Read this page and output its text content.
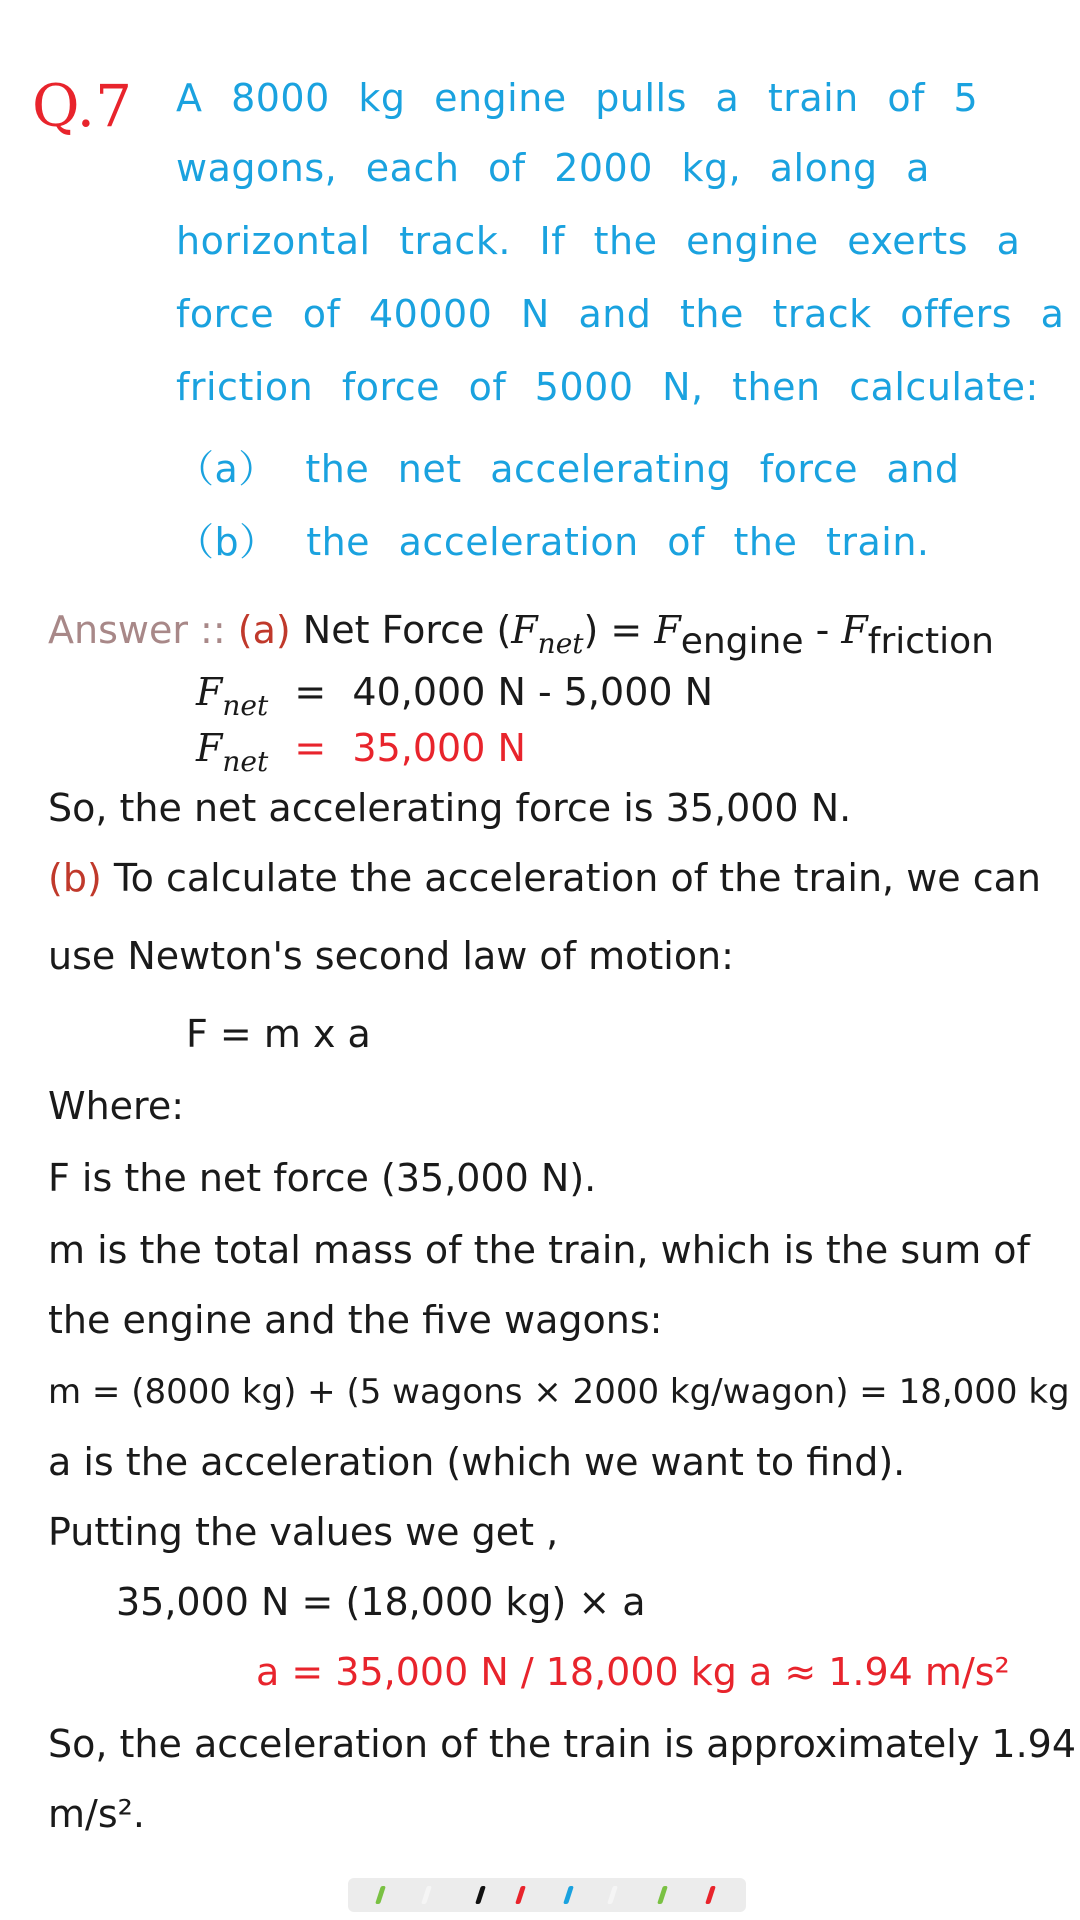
Q.7 A 8000 kg engine pulls a train of 5
wagons, each of 2000 kg, along a
horizontal track. If the engine exerts a
force of 40000 N and the track offers a
friction force of 5000 N, then calculate:
（a） the net accelerating force and
（b） the acceleration of the train.
Answer :: (a) Net Force $(F_{net})$ = Fengine - Ffriction
$F_{net} = 40,000$ N - 5,000 N
$F_{net} = 35,000$ N
So, the net accelerating force is 35,000 N.
(b) To calculate the acceleration of the train, we can
use Newton's second law of motion:
F = m x a
Where:
F is the net force (35,000 N).
m is the total mass of the train, which is the sum of
the engine and the five wagons:
m = (8000 kg) + (5 wagons × 2000 kg/wagon) = 18,000 kg
a is the acceleration (which we want to find).
Putting the values we get ,
35,000 N = (18,000 kg) × a
a = 35,000 N / 18,000 kg a ≈ 1.94 m/s²
So, the acceleration of the train is approximately 1.94
m/s².
